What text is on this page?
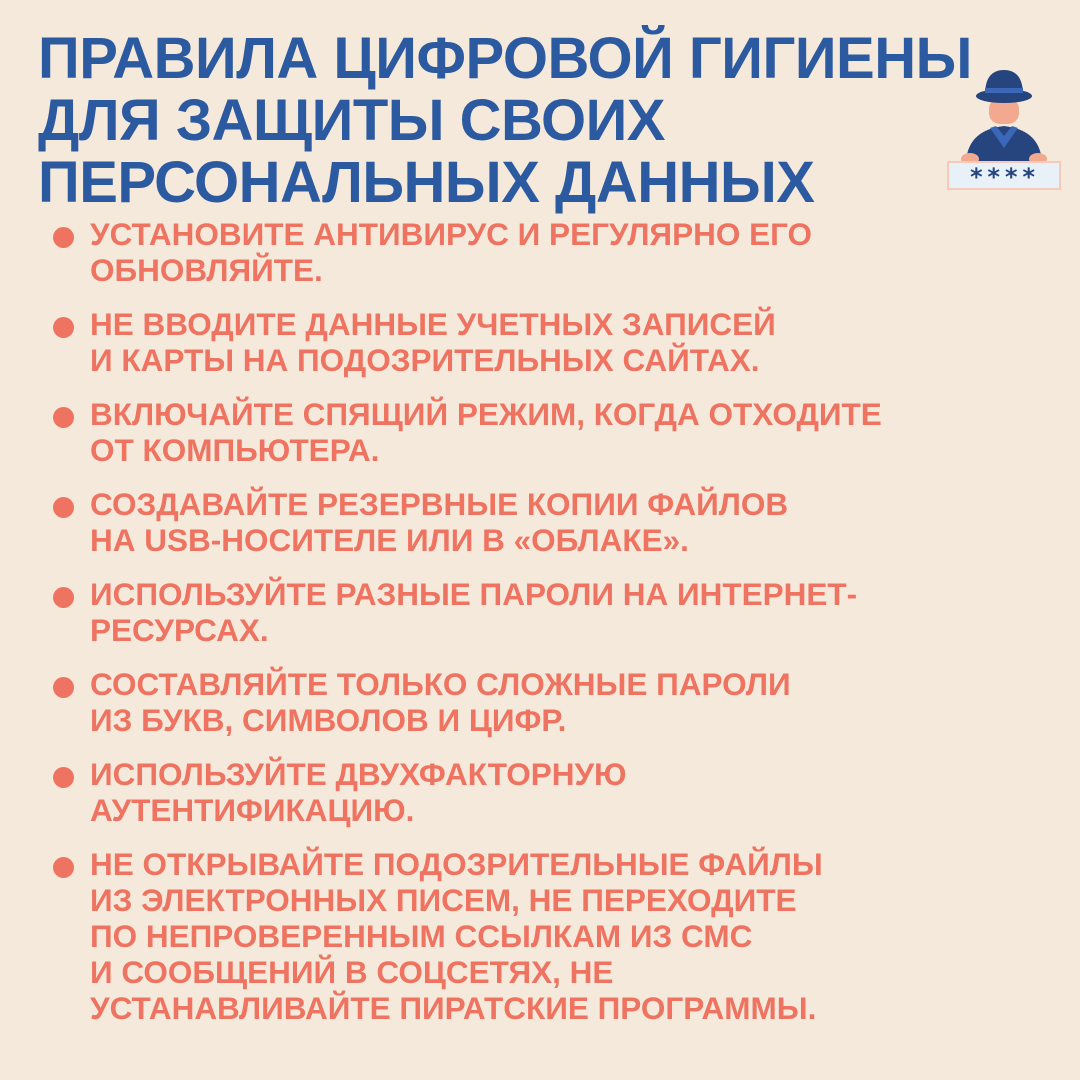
ПРАВИЛА ЦИФРОВОЙ ГИГИЕНЫ
ДЛЯ ЗАЩИТЫ СВОИХ
ПЕРСОНАЛЬНЫХ ДАННЫХ	****
УСТАНОВИТЕ АНТИВИРУС И РЕГУЛЯРНО ЕГО
ОБНОВЛЯЙТЕ.
НЕ ВВОДИТЕ ДАННЫЕ УЧЕТНЫХ ЗАПИСЕЙ
И КАРТЫ НА ПОДОЗРИТЕЛЬНЫХ САЙТАХ.
ВКЛЮЧАЙТЕ СПЯЩИЙ РЕЖИМ, КОГДА ОТХОДИТЕ
ОТ КОМПЬЮТЕРА.
СОЗДАВАЙТЕ РЕЗЕРВНЫЕ КОПИИ ФАЙЛОВ
НА USB-НОСИТЕЛЕ ИЛИ В «ОБЛАКЕ».
ИСПОЛЬЗУЙТЕ РАЗНЫЕ ПАРОЛИ НА ИНТЕРНЕТ-
РЕСУРСАХ.
СОСТАВЛЯЙТЕ ТОЛЬКО СЛОЖНЫЕ ПАРОЛИ
ИЗ БУКВ, СИМВОЛОВ И ЦИФР.
ИСПОЛЬЗУЙТЕ ДВУХФАКТОРНУЮ
АУТЕНТИФИКАЦИЮ.
НЕ ОТКРЫВАЙТЕ ПОДОЗРИТЕЛЬНЫЕ ФАЙЛЫ
ИЗ ЭЛЕКТРОННЫХ ПИСЕМ, НЕ ПЕРЕХОДИТЕ
ПО НЕПРОВЕРЕННЫМ ССЫЛКАМ ИЗ СМС
И СООБЩЕНИЙ В СОЦСЕТЯХ, НЕ
УСТАНАВЛИВАЙТЕ ПИРАТСКИЕ ПРОГРАММЫ.
